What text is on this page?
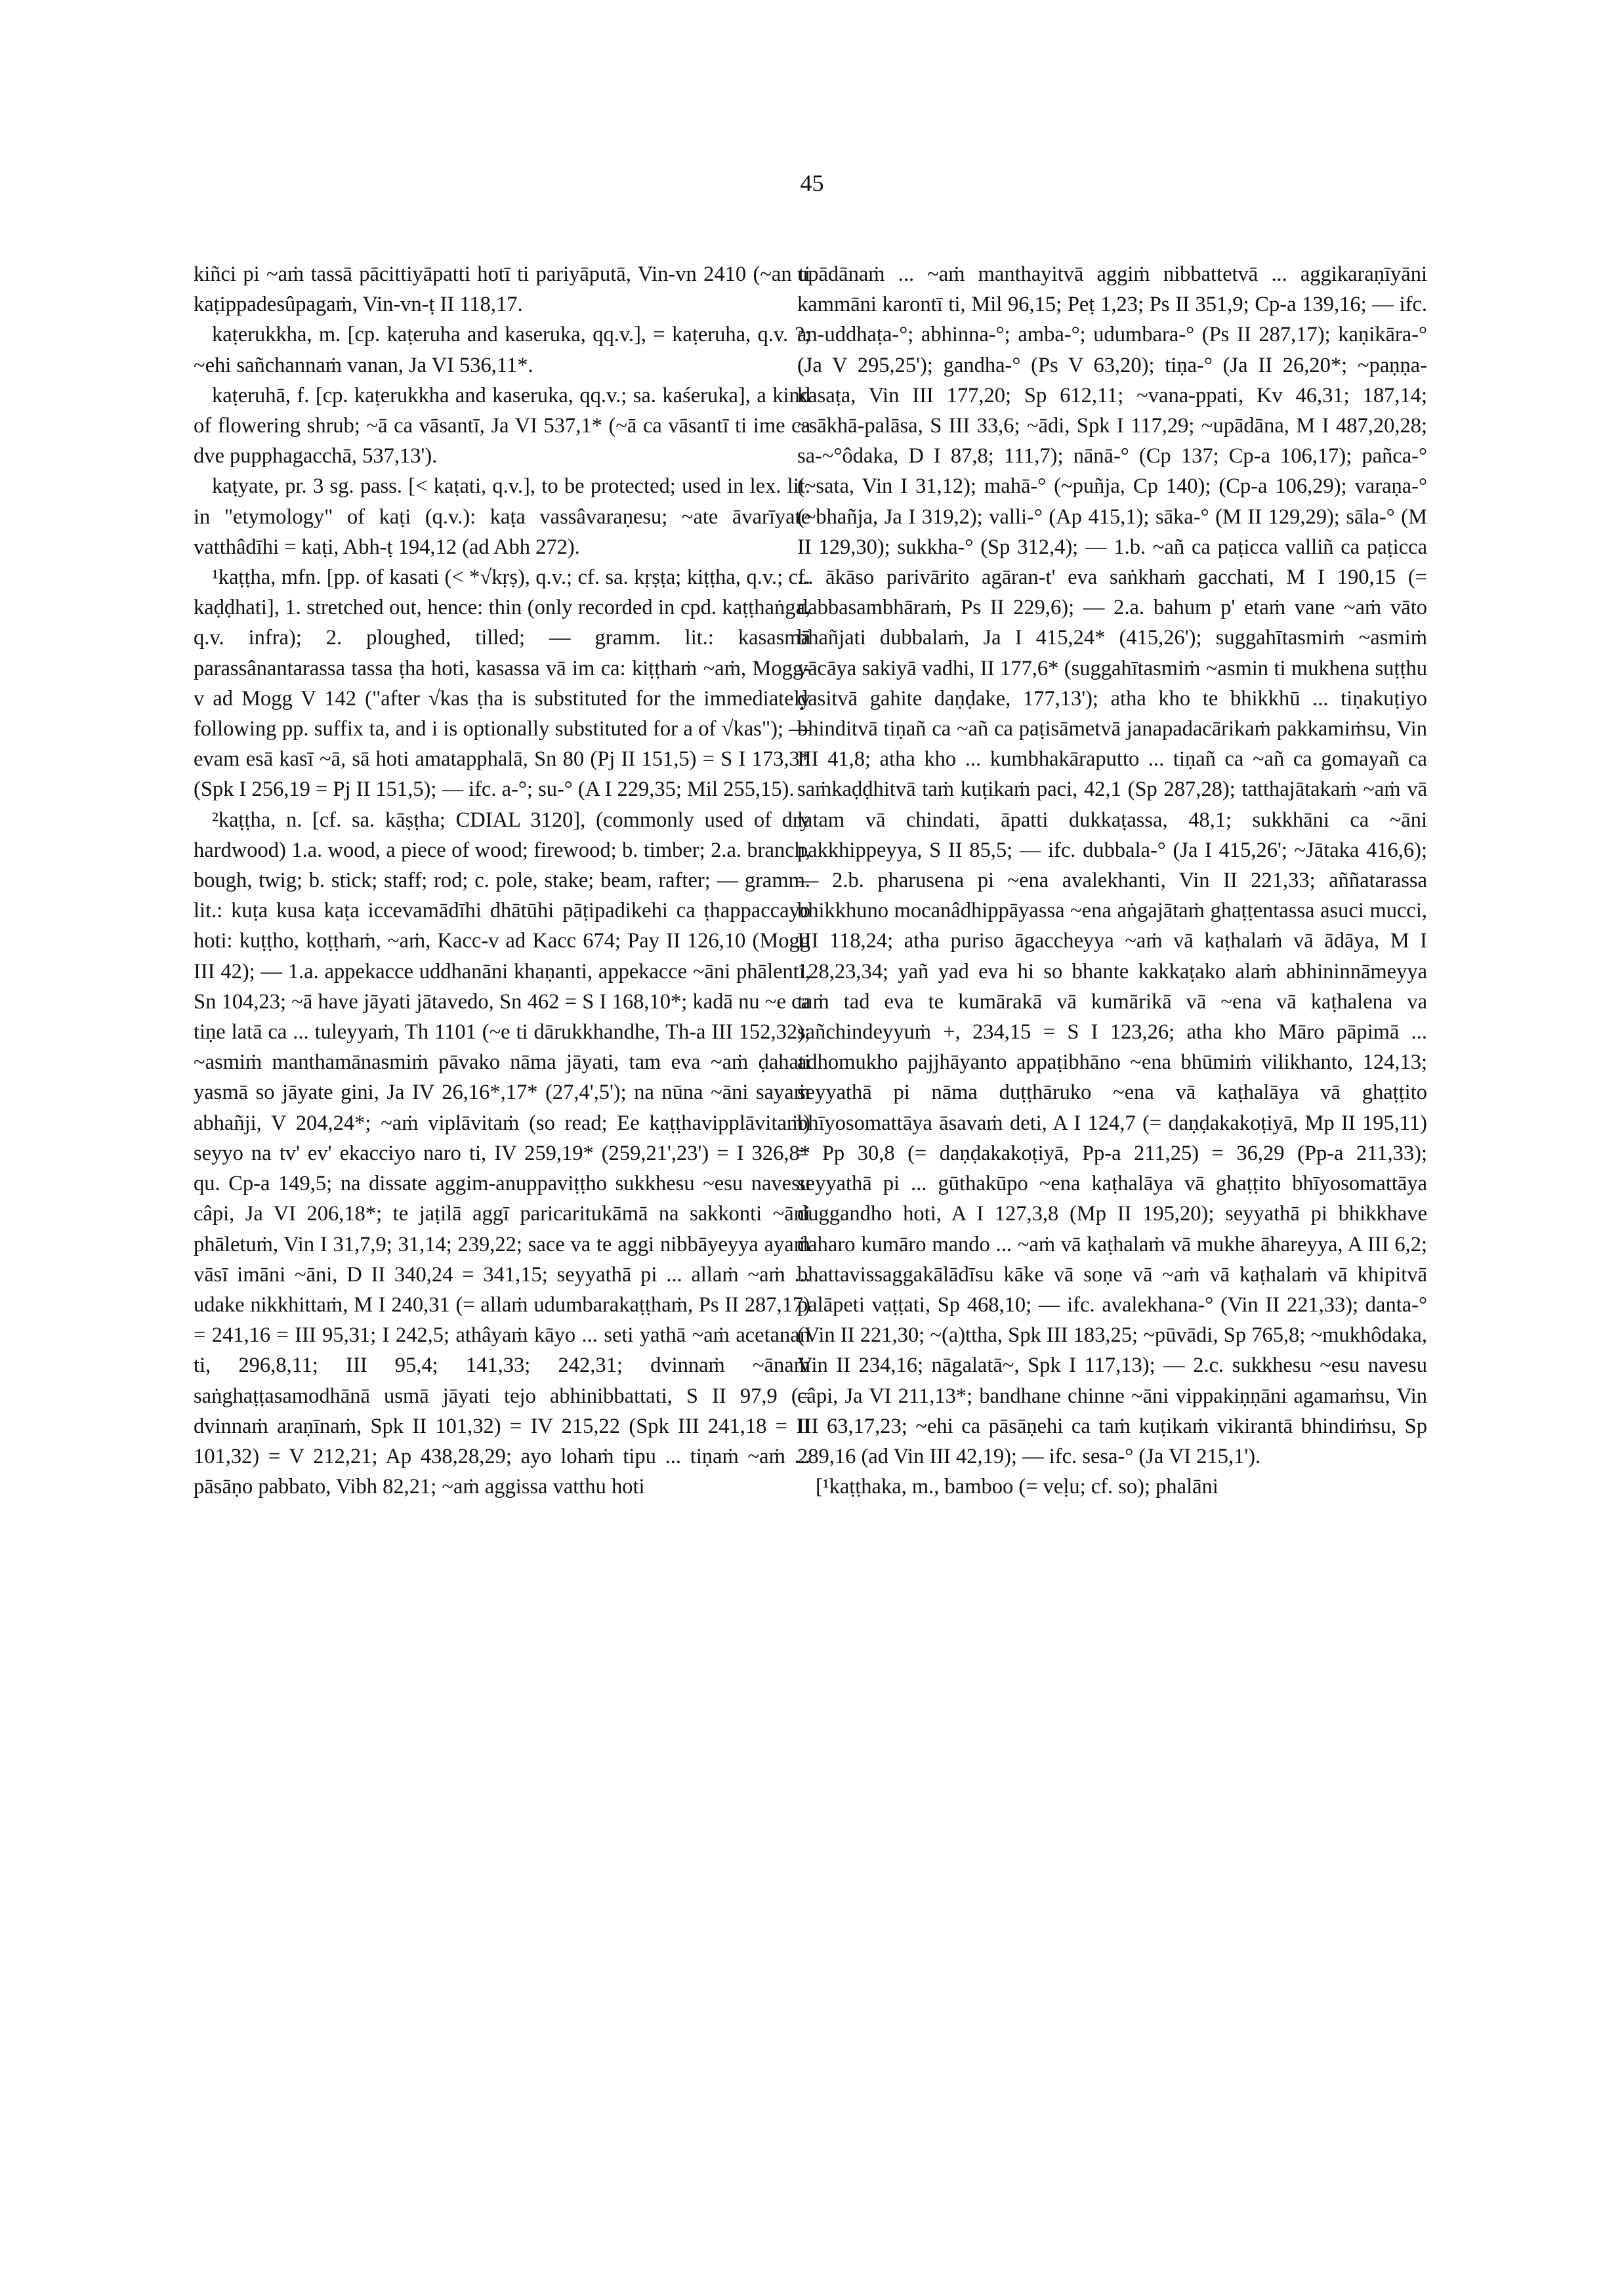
45

kiñci pi ~aṁ tassā pācittiyāpatti hotī ti pariyāputā, Vin-vn 2410 (~an ti kaṭippadesûpagaṁ, Vin-vn-ṭ II 118,17.

kaṭerukkha, m. [cp. kaṭeruha and kaseruka, qq.v.], = kaṭeruha, q.v. ?; ~ehi sañchannaṁ vanan, Ja VI 536,11*.

kaṭeruhā, f. [cp. kaṭerukkha and kaseruka, qq.v.; sa. kaśeruka], a kind of flowering shrub; ~ā ca vāsantī, Ja VI 537,1* (~ā ca vāsantī ti ime ca dve pupphagacchā, 537,13').

kaṭyate, pr. 3 sg. pass. [< kaṭati, q.v.], to be protected; used in lex. lit. in "etymology" of kaṭi (q.v.): kaṭa vassâvaraṇesu; ~ate āvarīyate vatthâdīhi = kaṭi, Abh-ṭ 194,12 (ad Abh 272).

¹kaṭṭha, mfn. [pp. of kasati (< *√kṛṣ), q.v.; cf. sa. kṛṣṭa; kiṭṭha, q.v.; cf. kaḍḍhati], 1. stretched out, hence: thin (only recorded in cpd. kaṭṭhaṅga, q.v. infra); 2. ploughed, tilled; — gramm. lit.: kasasmā parassânantarassa tassa ṭha hoti, kasassa vā im ca: kiṭṭhaṁ ~aṁ, Mogg-v ad Mogg V 142 ("after √kas ṭha is substituted for the immediately following pp. suffix ta, and i is optionally substituted for a of √kas"); — evam esā kasī ~ā, sā hoti amatapphalā, Sn 80 (Pj II 151,5) = S I 173,3* (Spk I 256,19 = Pj II 151,5); — ifc. a-°; su-° (A I 229,35; Mil 255,15).

²kaṭṭha, n. [cf. sa. kāṣṭha; CDIAL 3120], (commonly used of dry hardwood) 1.a. wood, a piece of wood; firewood; b. timber; 2.a. branch, bough, twig; b. stick; staff; rod; c. pole, stake; beam, rafter; — gramm. lit.: kuṭa kusa kaṭa iccevamādīhi dhātūhi pāṭipadikehi ca ṭhappaccayo hoti: kuṭṭho, koṭṭhaṁ, ~aṁ, Kacc-v ad Kacc 674; Pay II 126,10 (Mogg III 42); — 1.a. appekacce uddhanāni khaṇanti, appekacce ~āni phālenti, Sn 104,23; ~ā have jāyati jātavedo, Sn 462 = S I 168,10*; kadā nu ~e ca tiṇe latā ca ... tuleyyaṁ, Th 1101 (~e ti dārukkhandhe, Th-a III 152,32); ~asmiṁ manthamānasmiṁ pāvako nāma jāyati, tam eva ~aṁ ḍahati yasmā so jāyate gini, Ja IV 26,16*,17* (27,4',5'); na nūna ~āni sayaṁ abhañji, V 204,24*; ~aṁ viplāvitaṁ (so read; Ee kaṭṭhavipplāvitaṁ) seyyo na tv' ev' ekacciyo naro ti, IV 259,19* (259,21',23') = I 326,8* qu. Cp-a 149,5; na dissate aggim-anuppaviṭṭho sukkhesu ~esu navesu câpi, Ja VI 206,18*; te jaṭilā aggī paricaritukāmā na sakkonti ~āni phāletuṁ, Vin I 31,7,9; 31,14; 239,22; sace va te aggi nibbāyeyya ayaṁ vāsī imāni ~āni, D II 340,24 = 341,15; seyyathā pi ... allaṁ ~aṁ ... udake nikkhittaṁ, M I 240,31 (= allaṁ udumbarakaṭṭhaṁ, Ps II 287,17) = 241,16 = III 95,31; I 242,5; athâyaṁ kāyo ... seti yathā ~aṁ acetanan ti, 296,8,11; III 95,4; 141,33; 242,31; dvinnaṁ ~ānaṁ saṅghaṭṭasamodhānā usmā jāyati tejo abhinibbattati, S II 97,9 (= dvinnaṁ araṇīnaṁ, Spk II 101,32) = IV 215,22 (Spk III 241,18 = II 101,32) = V 212,21; Ap 438,28,29; ayo lohaṁ tipu ... tiṇaṁ ~aṁ ... pāsāṇo pabbato, Vibh 82,21; ~aṁ aggissa vatthu hoti

upādānaṁ ... ~aṁ manthayitvā aggiṁ nibbattetvā ... aggikaraṇīyāni kammāni karontī ti, Mil 96,15; Peṭ 1,23; Ps II 351,9; Cp-a 139,16; — ifc. an-uddhaṭa-°; abhinna-°; amba-°; udumbara-° (Ps II 287,17); kaṇikāra-° (Ja V 295,25'); gandha-° (Ps V 63,20); tiṇa-° (Ja II 26,20*; ~paṇṇa-kasaṭa, Vin III 177,20; Sp 612,11; ~vana-ppati, Kv 46,31; 187,14; ~sākhā-palāsa, S III 33,6; ~ādi, Spk I 117,29; ~upādāna, M I 487,20,28; sa-~°ôdaka, D I 87,8; 111,7); nānā-° (Cp 137; Cp-a 106,17); pañca-° (~sata, Vin I 31,12); mahā-° (~puñja, Cp 140); (Cp-a 106,29); varaṇa-° (~bhañja, Ja I 319,2); valli-° (Ap 415,1); sāka-° (M II 129,29); sāla-° (M II 129,30); sukkha-° (Sp 312,4); — 1.b. ~añ ca paṭicca valliñ ca paṭicca ... ākāso parivārito agāran-t' eva saṅkhaṁ gacchati, M I 190,15 (= dabbasambhāraṁ, Ps II 229,6); — 2.a. bahum p' etaṁ vane ~aṁ vāto bhañjati dubbalaṁ, Ja I 415,24* (415,26'); suggahītasmiṁ ~asmiṁ vācāya sakiyā vadhi, II 177,6* (suggahītasmiṁ ~asmin ti mukhena suṭṭhu ḍasitvā gahite daṇḍake, 177,13'); atha kho te bhikkhū ... tiṇakuṭiyo bhinditvā tiṇañ ca ~añ ca paṭisāmetvā janapadacārikaṁ pakkamiṁsu, Vin III 41,8; atha kho ... kumbhakāraputto ... tiṇañ ca ~añ ca gomayañ ca saṁkaḍḍhitvā taṁ kuṭikaṁ paci, 42,1 (Sp 287,28); tatthajātakaṁ ~aṁ vā latam vā chindati, āpatti dukkaṭassa, 48,1; sukkhāni ca ~āni pakkhippeyya, S II 85,5; — ifc. dubbala-° (Ja I 415,26'; ~Jātaka 416,6); — 2.b. pharusena pi ~ena avalekhanti, Vin II 221,33; aññatarassa bhikkhuno mocanâdhippāyassa ~ena aṅgajātaṁ ghaṭṭentassa asuci mucci, III 118,24; atha puriso āgaccheyya ~aṁ vā kaṭhalaṁ vā ādāya, M I 128,23,34; yañ yad eva hi so bhante kakkaṭako alaṁ abhininnāmeyya taṁ tad eva te kumārakā vā kumārikā vā ~ena vā kaṭhalena va sañchindeyyuṁ +, 234,15 = S I 123,26; atha kho Māro pāpimā ... adhomukho pajjhāyanto appaṭibhāno ~ena bhūmiṁ vilikhanto, 124,13; seyyathā pi nāma duṭṭhāruko ~ena vā kaṭhalāya vā ghaṭṭito bhīyosomattāya āsavaṁ deti, A I 124,7 (= daṇḍakakoṭiyā, Mp II 195,11) = Pp 30,8 (= daṇḍakakoṭiyā, Pp-a 211,25) = 36,29 (Pp-a 211,33); seyyathā pi ... gūthakūpo ~ena kaṭhalāya vā ghaṭṭito bhīyosomattāya duggandho hoti, A I 127,3,8 (Mp II 195,20); seyyathā pi bhikkhave daharo kumāro mando ... ~aṁ vā kaṭhalaṁ vā mukhe āhareyya, A III 6,2; bhattavissaggakālādīsu kāke vā soṇe vā ~aṁ vā kaṭhalaṁ vā khipitvā palāpeti vaṭṭati, Sp 468,10; — ifc. avalekhana-° (Vin II 221,33); danta-° (Vin II 221,30; ~(a)ttha, Spk III 183,25; ~pūvādi, Sp 765,8; ~mukhôdaka, Vin II 234,16; nāgalatā~, Spk I 117,13); — 2.c. sukkhesu ~esu navesu câpi, Ja VI 211,13*; bandhane chinne ~āni vippakiṇṇāni agamaṁsu, Vin III 63,17,23; ~ehi ca pāsāṇehi ca taṁ kuṭikaṁ vikirantā bhindiṁsu, Sp 289,16 (ad Vin III 42,19); — ifc. sesa-° (Ja VI 215,1').

[¹kaṭṭhaka, m., bamboo (= veḷu; cf. so); phalāni
